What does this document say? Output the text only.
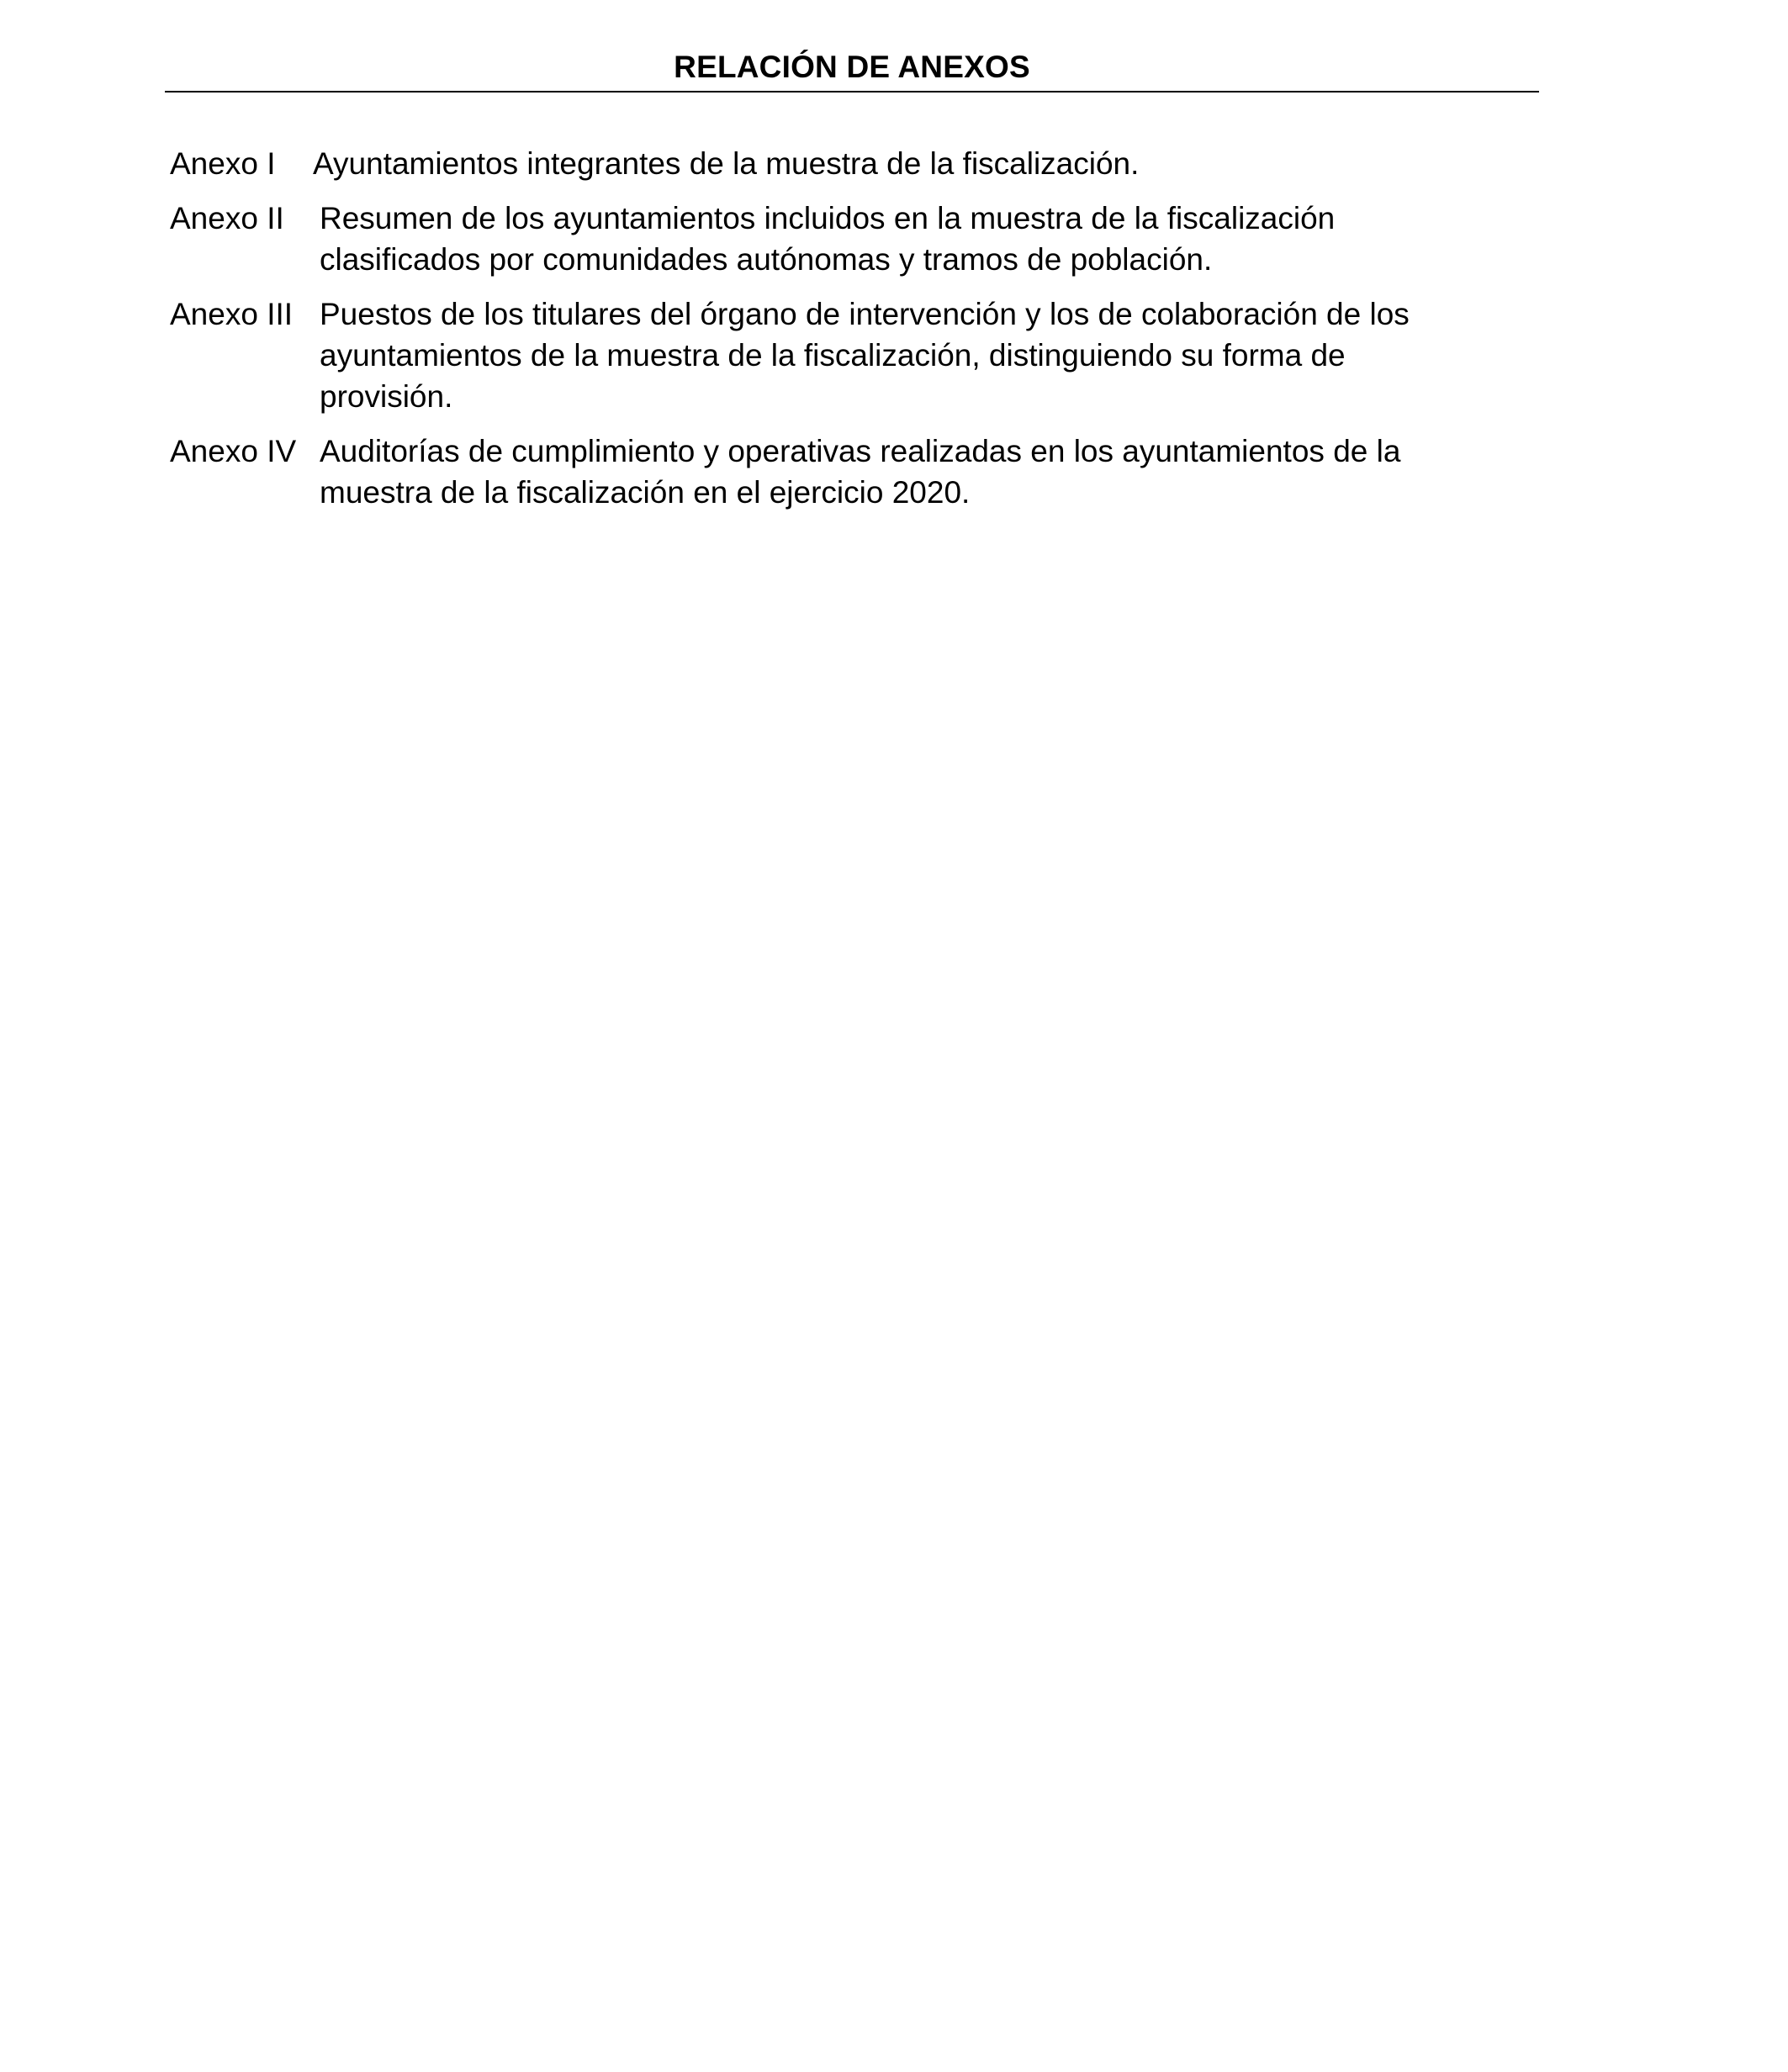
RELACIÓN DE ANEXOS
Anexo I	Ayuntamientos integrantes de la muestra de la fiscalización.

Anexo II	Resumen de los ayuntamientos incluidos en la muestra de la fiscalización clasificados por comunidades autónomas y tramos de población.

Anexo III Puestos de los titulares del órgano de intervención y los de colaboración de los ayuntamientos de la muestra de la fiscalización, distinguiendo su forma de provisión.

Anexo IV Auditorías de cumplimiento y operativas realizadas en los ayuntamientos de la muestra de la fiscalización en el ejercicio 2020.
